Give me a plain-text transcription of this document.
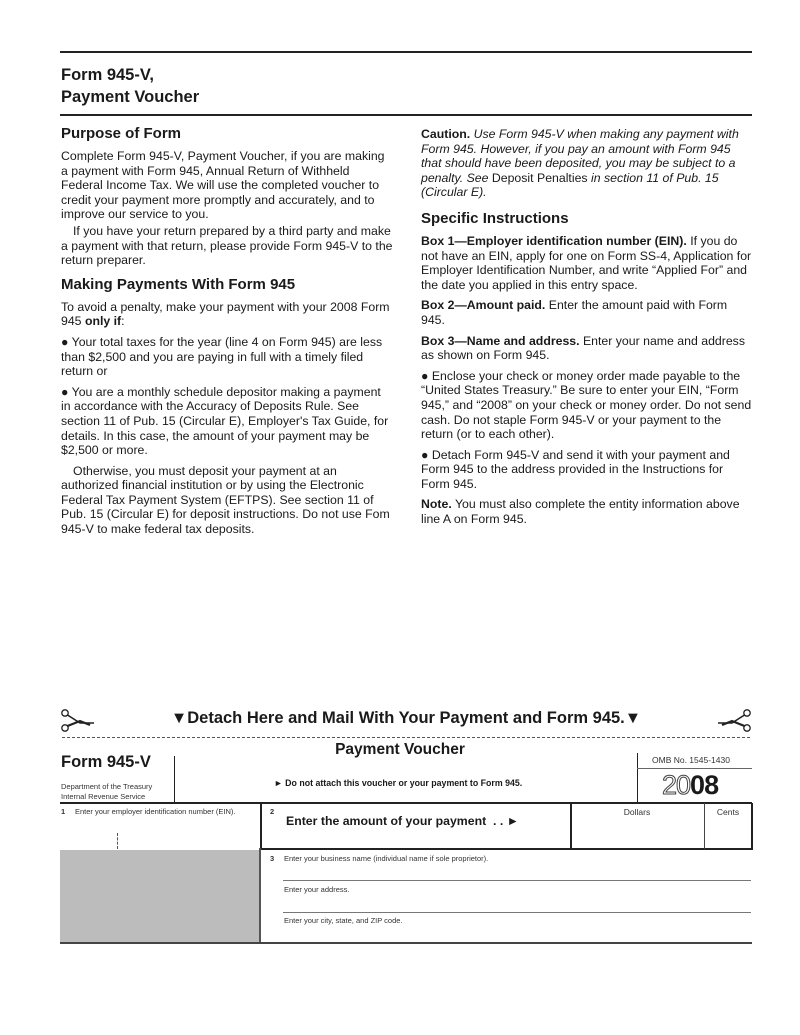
Form 945-V,
Payment Voucher
Purpose of Form

Complete Form 945-V, Payment Voucher, if you are making a payment with Form 945, Annual Return of Withheld Federal Income Tax. We will use the completed voucher to credit your payment more promptly and accurately, and to improve our service to you.

If you have your return prepared by a third party and make a payment with that return, please provide Form 945-V to the return preparer.

Making Payments With Form 945

To avoid a penalty, make your payment with your 2008 Form 945 only if:

● Your total taxes for the year (line 4 on Form 945) are less than $2,500 and you are paying in full with a timely filed return or

● You are a monthly schedule depositor making a payment in accordance with the Accuracy of Deposits Rule. See section 11 of Pub. 15 (Circular E), Employer's Tax Guide, for details. In this case, the amount of your payment may be $2,500 or more.

Otherwise, you must deposit your payment at an authorized financial institution or by using the Electronic Federal Tax Payment System (EFTPS). See section 11 of Pub. 15 (Circular E) for deposit instructions. Do not use Fom 945-V to make federal tax deposits.

Caution. Use Form 945-V when making any payment with Form 945. However, if you pay an amount with Form 945 that should have been deposited, you may be subject to a penalty. See Deposit Penalties in section 11 of Pub. 15 (Circular E).

Specific Instructions

Box 1—Employer identification number (EIN). If you do not have an EIN, apply for one on Form SS-4, Application for Employer Identification Number, and write “Applied For” and the date you applied in this entry space.

Box 2—Amount paid. Enter the amount paid with Form 945.

Box 3—Name and address. Enter your name and address as shown on Form 945.

● Enclose your check or money order made payable to the “United States Treasury.” Be sure to enter your EIN, “Form 945,” and “2008” on your check or money order. Do not send cash. Do not staple Form 945-V or your payment to the return (or to each other).

● Detach Form 945-V and send it with your payment and Form 945 to the address provided in the Instructions for Form 945.

Note. You must also complete the entity information above line A on Form 945.

▼Detach Here and Mail With Your Payment and Form 945.▼
Form 945-V
Department of the Treasury
Internal Revenue Service
Payment Voucher
► Do not attach this voucher or your payment to Form 945.
OMB No. 1545-1430
2008
1 Enter your employer identification number (EIN).	2
Enter the amount of your payment . . ►
Dollars	Cents
3 Enter your business name (individual name if sole proprietor).
Enter your address.
Enter your city, state, and ZIP code.
